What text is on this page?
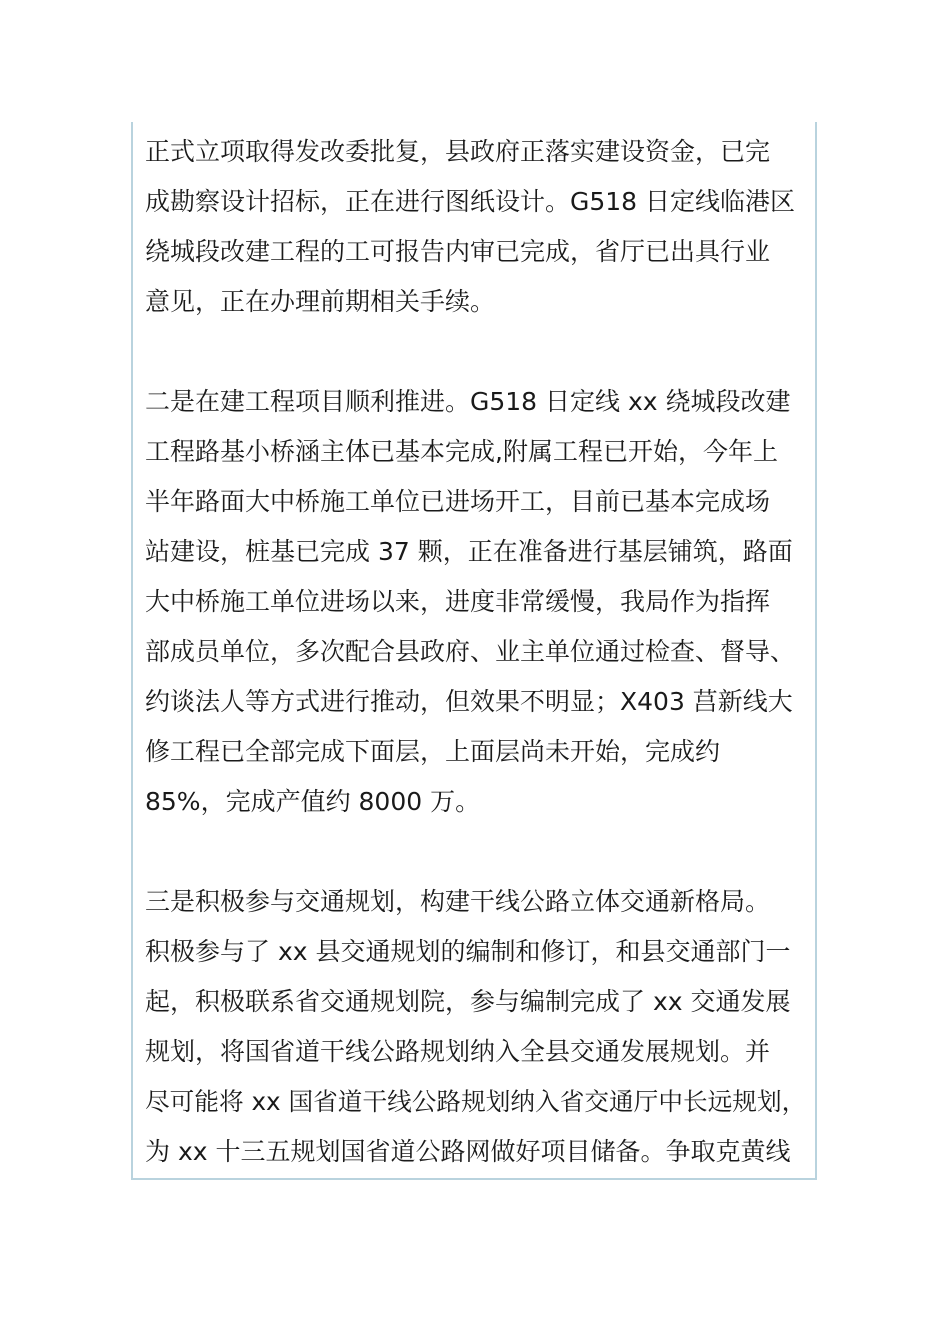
正式立项取得发改委批复，县政府正落实建设资金，已完
成勘察设计招标，正在进行图纸设计。G518 日定线临港区
绕城段改建工程的工可报告内审已完成，省厅已出具行业
意见，正在办理前期相关手续。
二是在建工程项目顺利推进。G518 日定线 xx 绕城段改建
工程路基小桥涵主体已基本完成,附属工程已开始，今年上
半年路面大中桥施工单位已进场开工，目前已基本完成场
站建设，桩基已完成 37 颗，正在准备进行基层铺筑，路面
大中桥施工单位进场以来，进度非常缓慢，我局作为指挥
部成员单位，多次配合县政府、业主单位通过检查、督导、
约谈法人等方式进行推动，但效果不明显；X403 莒新线大
修工程已全部完成下面层，上面层尚未开始，完成约
85%，完成产值约 8000 万。
三是积极参与交通规划，构建干线公路立体交通新格局。
积极参与了 xx 县交通规划的编制和修订，和县交通部门一
起，积极联系省交通规划院，参与编制完成了 xx 交通发展
规划，将国省道干线公路规划纳入全县交通发展规划。并
尽可能将 xx 国省道干线公路规划纳入省交通厅中长远规划，
为 xx 十三五规划国省道公路网做好项目储备。争取克黄线
